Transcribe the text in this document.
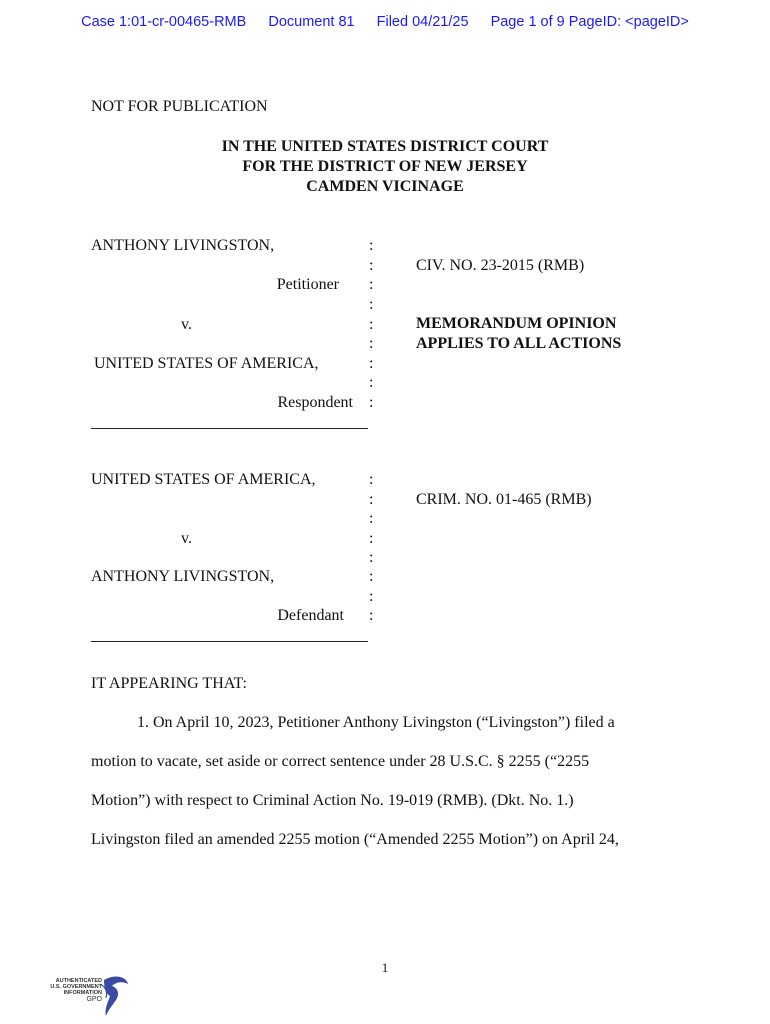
Case 1:01-cr-00465-RMB Document 81 Filed 04/21/25 Page 1 of 9 PageID: <pageID>
NOT FOR PUBLICATION
IN THE UNITED STATES DISTRICT COURT
FOR THE DISTRICT OF NEW JERSEY
CAMDEN VICINAGE
ANTHONY LIVINGSTON,
Petitioner
v.
UNITED STATES OF AMERICA,
Respondent
:
:
:
:
:
:
:
:
:
CIV. NO. 23-2015 (RMB)
MEMORANDUM OPINION
APPLIES TO ALL ACTIONS
UNITED STATES OF AMERICA,
v.
ANTHONY LIVINGSTON,
Defendant
:
:
:
:
:
:
:
:
CRIM. NO. 01-465 (RMB)
IT APPEARING THAT:
1. On April 10, 2023, Petitioner Anthony Livingston (“Livingston”) filed a
motion to vacate, set aside or correct sentence under 28 U.S.C. § 2255 (“2255
Motion”) with respect to Criminal Action No. 19-019 (RMB). (Dkt. No. 1.)
Livingston filed an amended 2255 motion (“Amended 2255 Motion”) on April 24,
1
AUTHENTICATED
U.S. GOVERNMENT
INFORMATION
GPO
